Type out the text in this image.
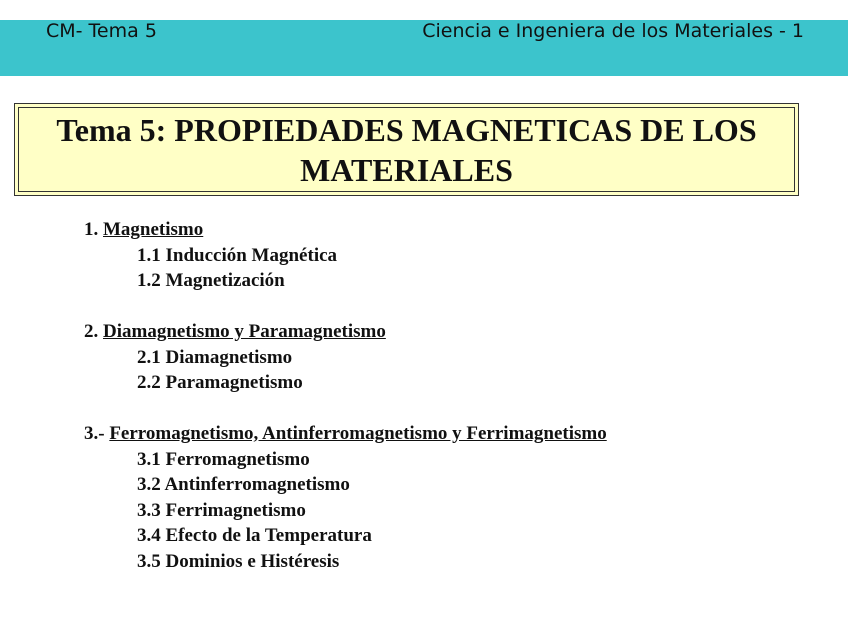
CM- Tema 5	Ciencia e Ingeniera de los Materiales - 1
Tema 5: PROPIEDADES MAGNETICAS DE LOS
MATERIALES
1. Magnetismo
1.1 Inducción Magnética
1.2 Magnetización
2. Diamagnetismo y Paramagnetismo
2.1 Diamagnetismo
2.2 Paramagnetismo
3.- Ferromagnetismo, Antinferromagnetismo y Ferrimagnetismo
3.1 Ferromagnetismo
3.2 Antinferromagnetismo
3.3 Ferrimagnetismo
3.4 Efecto de la Temperatura
3.5 Dominios e Histéresis
